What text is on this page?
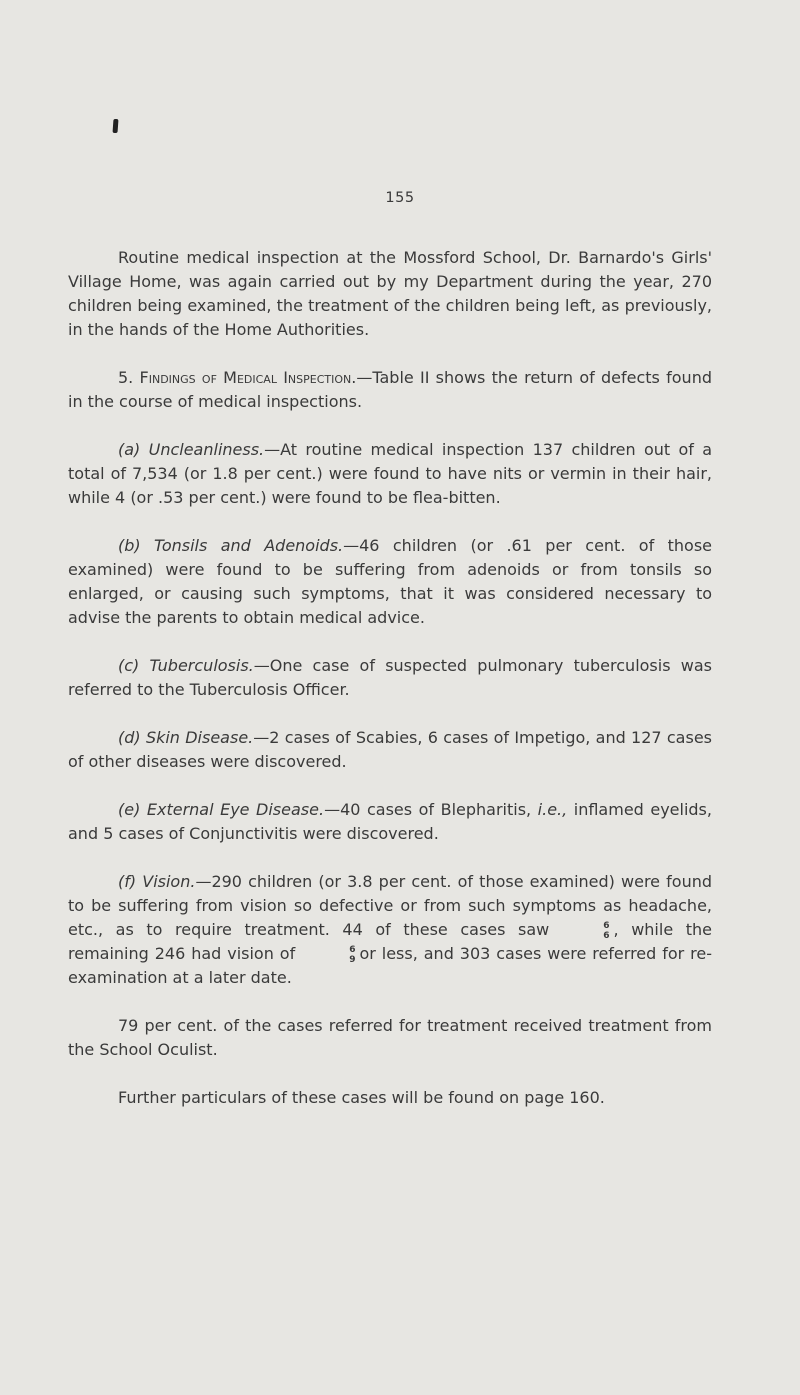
155

Routine medical inspection at the Mossford School, Dr. Barnardo's Girls' Village Home, was again carried out by my Department during the year, 270 children being examined, the treatment of the children being left, as previously, in the hands of the Home Authorities.

5. Findings of Medical Inspection.—Table II shows the return of defects found in the course of medical inspections.

(a) Uncleanliness.—At routine medical inspection 137 children out of a total of 7,534 (or 1.8 per cent.) were found to have nits or vermin in their hair, while 4 (or .53 per cent.) were found to be flea-bitten.

(b) Tonsils and Adenoids.—46 children (or .61 per cent. of those examined) were found to be suffering from adenoids or from tonsils so enlarged, or causing such symptoms, that it was considered necessary to advise the parents to obtain medical advice.

(c) Tuberculosis.—One case of suspected pulmonary tuberculosis was referred to the Tuberculosis Officer.

(d) Skin Disease.—2 cases of Scabies, 6 cases of Impetigo, and 127 cases of other diseases were discovered.

(e) External Eye Disease.—40 cases of Blepharitis, i.e., inflamed eyelids, and 5 cases of Conjunctivitis were discovered.

(f) Vision.—290 children (or 3.8 per cent. of those examined) were found to be suffering from vision so defective or from such symptoms as headache, etc., as to require treatment. 44 of these cases saw	6
6 , while the remaining 246 had vision of	6
9 or less, and 303 cases were referred for re-examination at a later date.

79 per cent. of the cases referred for treatment received treatment from the School Oculist.

Further particulars of these cases will be found on page 160.
